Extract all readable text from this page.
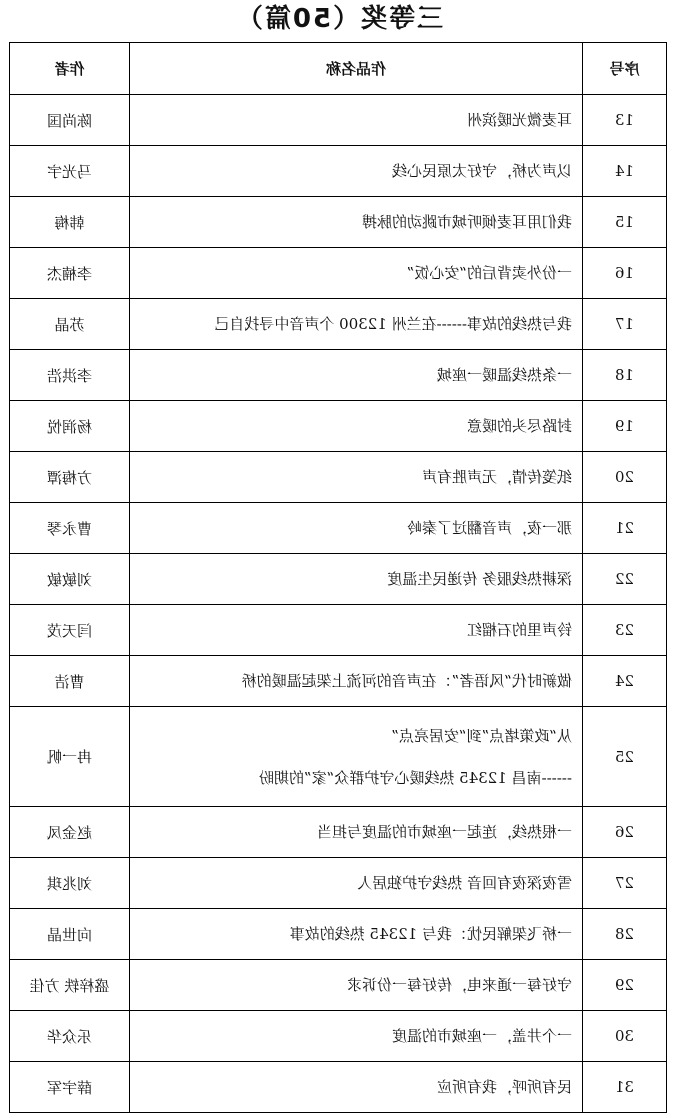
三等奖（50篇）
序号	作品名称	作者
13	耳麦微光暖滨州	陈尚国
14	以声为桥，守好太原民心线	马光宇
15	我们用耳麦倾听城市跳动的脉搏	韩梅
16	一份外卖背后的“安心饭”	李楠杰
17	我与热线的故事------在兰州 12300 个声音中寻找自己	苏晶
18	一条热线温暖一座城	李洪浩
19	封路尽头的暖意	杨润悦
20	纸笺传情，无声胜有声	方梅潭
21	那一夜，声音翻过了秦岭	曹永琴
22	深耕热线服务 传递民生温度	刘敏敏
23	铃声里的石榴红	闫天茂
24	做新时代“风语者”：在声音的河流上架起温暖的桥	曹洁
25	从“政策堵点”到“安居亮点”
------南昌 12345 热线暖心守护群众“家”的期盼	冉一帆
26	一根热线，连起一座城市的温度与担当	赵金凤
27	雪夜深夜有回音 热线守护独居人	刘兆琪
28	一桥飞架解民忧：我与 12345 热线的故事	向世晶
29	守好每一通来电，传好每一份诉求	盛梓轶 方佳
30	一个井盖，一座城市的温度	乐众华
31	民有所呼，我有所应	薛宇军
